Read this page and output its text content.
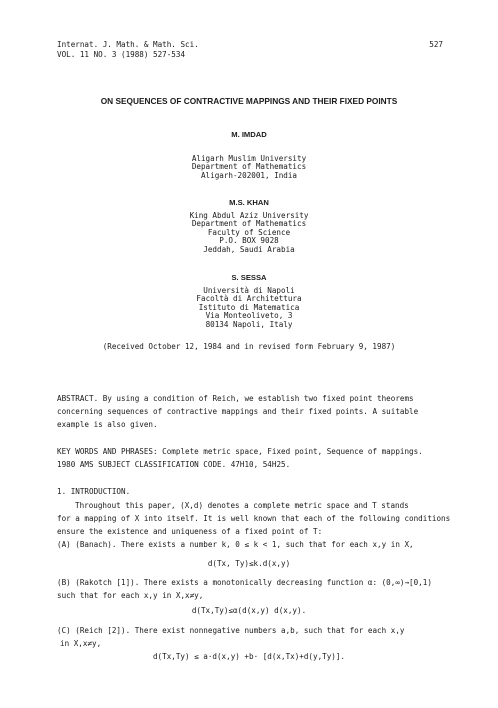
Internat. J. Math. & Math. Sci.
VOL. 11 NO. 3 (1988) 527-534
527
ON SEQUENCES OF CONTRACTIVE MAPPINGS AND THEIR FIXED POINTS
M. IMDAD
Aligarh Muslim University
Department of Mathematics
Aligarh-202001, India
M.S. KHAN
King Abdul Aziz University
Department of Mathematics
Faculty of Science
P.O. BOX 9028
Jeddah, Saudi Arabia
S. SESSA
Università di Napoli
Facoltà di Architettura
Istituto di Matematica
Via Monteoliveto, 3
80134 Napoli, Italy
(Received October 12, 1984 and in revised form February 9, 1987)
ABSTRACT. By using a condition of Reich, we establish two fixed point theorems
concerning sequences of contractive mappings and their fixed points. A suitable
example is also given.
KEY WORDS AND PHRASES: Complete metric space, Fixed point, Sequence of mappings.
1980 AMS SUBJECT CLASSIFICATION CODE. 47H10, 54H25.
1. INTRODUCTION.
Throughout this paper, (X,d) denotes a complete metric space and T stands
for a mapping of X into itself. It is well known that each of the following conditions
ensure the existence and uniqueness of a fixed point of T:
(A) (Banach). There exists a number k, 0 ≤ k < 1, such that for each x,y in X,
d(Tx, Ty)≤k.d(x,y)
(B) (Rakotch [1]). There exists a monotonically decreasing function α: (0,∞)→[0,1)
such that for each x,y in X,x≠y,
d(Tx,Ty)≤α(d(x,y) d(x,y).
(C) (Reich [2]). There exist nonnegative numbers a,b, such that for each x,y
in X,x≠y,
d(Tx,Ty) ≤ a·d(x,y) +b· [d(x,Tx)+d(y,Ty)].
